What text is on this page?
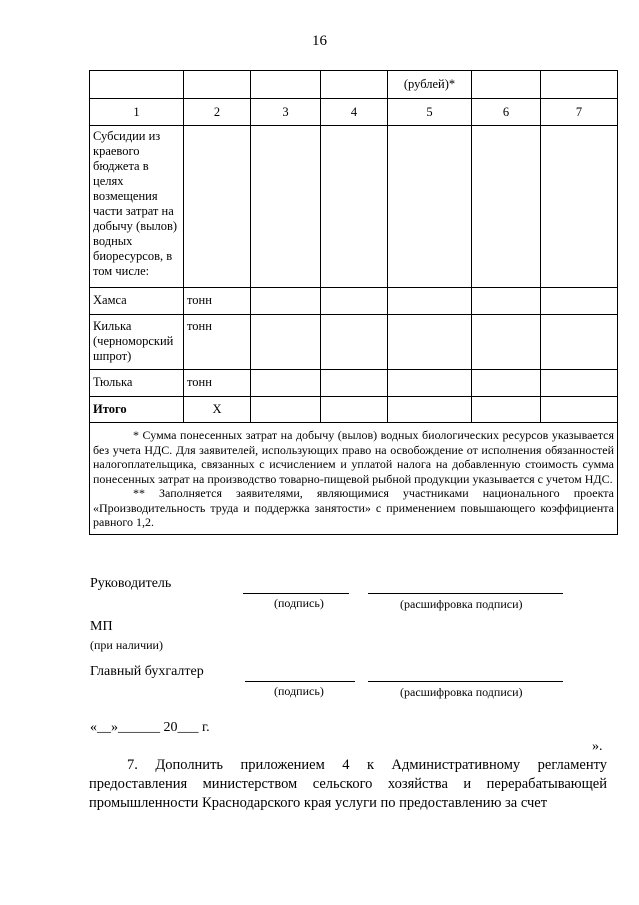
16
				(рублей)*		
1	2	3	4	5	6	7
Субсидии из краевого бюджета в целях возмещения части затрат на добычу (вылов) водных биоресурсов, в том числе:						
Хамса	тонн					
Килька (черноморский шпрот)	тонн					
Тюлька	тонн					
Итого	Х					

* Сумма понесенных затрат на добычу (вылов) водных биологических ресурсов указывается без учета НДС. Для заявителей, использующих право на освобождение от исполнения обязанностей налогоплательщика, связанных с исчислением и уплатой налога на добавленную стоимость сумма понесенных затрат на производство товарно-пищевой рыбной продукции указывается с учетом НДС.

** Заполняется заявителями, являющимися участниками национального проекта «Производительность труда и поддержка занятости» с применением повышающего коэффициента равного 1,2.						

Руководитель
(подпись)	(расшифровка подписи)
МП
(при наличии)
Главный бухгалтер
(подпись)	(расшифровка подписи)
«__»______ 20___ г.
».

7. Дополнить приложением 4 к Административному регламенту предоставления министерством сельского хозяйства и перерабатывающей промышленности Краснодарского края услуги по предоставлению за счет
